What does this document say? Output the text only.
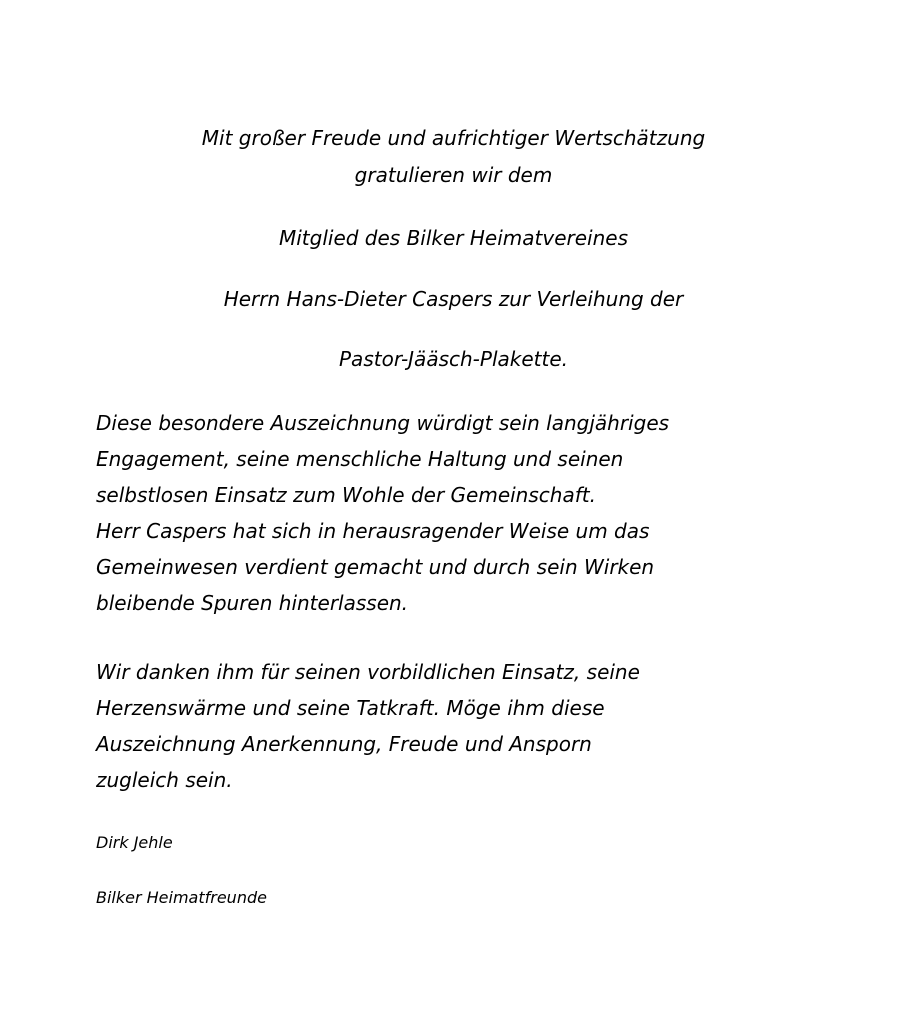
Mit großer Freude und aufrichtiger Wertschätzung
gratulieren wir dem
Mitglied des Bilker Heimatvereines
Herrn Hans-Dieter Caspers zur Verleihung der
Pastor-Jääsch-Plakette.
Diese besondere Auszeichnung würdigt sein langjähriges
Engagement, seine menschliche Haltung und seinen
selbstlosen Einsatz zum Wohle der Gemeinschaft.
Herr Caspers hat sich in herausragender Weise um das
Gemeinwesen verdient gemacht und durch sein Wirken
bleibende Spuren hinterlassen.
Wir danken ihm für seinen vorbildlichen Einsatz, seine
Herzenswärme und seine Tatkraft. Möge ihm diese
Auszeichnung Anerkennung, Freude und Ansporn
zugleich sein.
Dirk Jehle
Bilker Heimatfreunde
